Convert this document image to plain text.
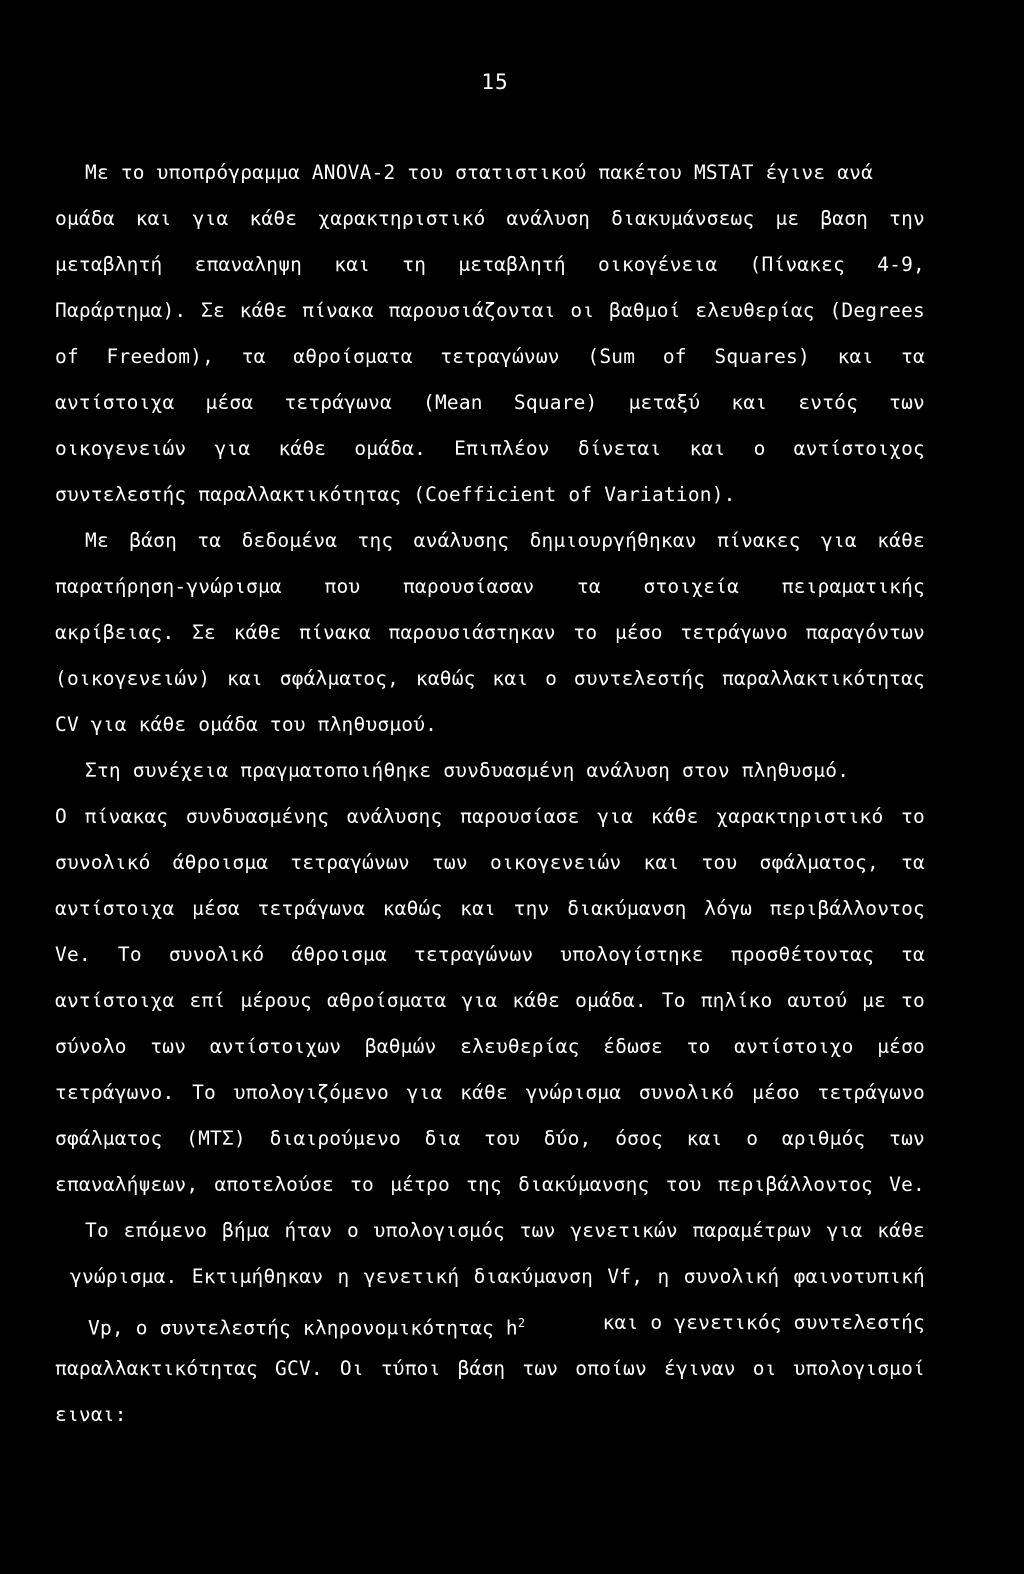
15
Με το υποπρόγραμμα ANOVA-2 του στατιστικού πακέτου MSTAT έγινε ανά
ομάδα και για κάθε χαρακτηριστικό ανάλυση διακυμάνσεως με βαση την
μεταβλητή επαναληψη και τη μεταβλητή οικογένεια (Πίνακες 4-9,
Παράρτημα). Σε κάθε πίνακα παρουσιάζονται οι βαθμοί ελευθερίας (Degrees
of Freedom), τα αθροίσματα τετραγώνων (Sum of Squares) και τα
αντίστοιχα μέσα τετράγωνα (Mean Square) μεταξύ και εντός των
οικογενειών για κάθε ομάδα. Επιπλέον δίνεται και ο αντίστοιχος
συντελεστής παραλλακτικότητας (Coefficient of Variation).
Με βάση τα δεδομένα της ανάλυσης δημιουργήθηκαν πίνακες για κάθε
παρατήρηση-γνώρισμα που παρουσίασαν τα στοιχεία πειραματικής
ακρίβειας. Σε κάθε πίνακα παρουσιάστηκαν το μέσο τετράγωνο παραγόντων
(οικογενειών) και σφάλματος, καθώς και ο συντελεστής παραλλακτικότητας
CV για κάθε ομάδα του πληθυσμού.
Στη συνέχεια πραγματοποιήθηκε συνδυασμένη ανάλυση στον πληθυσμό.
Ο πίνακας συνδυασμένης ανάλυσης παρουσίασε για κάθε χαρακτηριστικό το
συνολικό άθροισμα τετραγώνων των οικογενειών και του σφάλματος, τα
αντίστοιχα μέσα τετράγωνα καθώς και την διακύμανση λόγω περιβάλλοντος
Ve. Το συνολικό άθροισμα τετραγώνων υπολογίστηκε προσθέτοντας τα
αντίστοιχα επί μέρους αθροίσματα για κάθε ομάδα. Το πηλίκο αυτού με το
σύνολο των αντίστοιχων βαθμών ελευθερίας έδωσε το αντίστοιχο μέσο
τετράγωνο. Το υπολογιζόμενο για κάθε γνώρισμα συνολικό μέσο τετράγωνο
σφάλματος (ΜΤΣ) διαιρούμενο δια του δύο, όσος και ο αριθμός των
επαναλήψεων, αποτελούσε το μέτρο της διακύμανσης του περιβάλλοντος Ve.
Το επόμενο βήμα ήταν ο υπολογισμός των γενετικών παραμέτρων για κάθε
γνώρισμα. Εκτιμήθηκαν η γενετική διακύμανση Vf, η συνολική φαινοτυπική
Vp, ο συντελεστής κληρονομικότητας $h^2$	και ο γενετικός συντελεστής
παραλλακτικότητας GCV. Οι τύποι βάση των οποίων έγιναν οι υπολογισμοί
ειναι:
